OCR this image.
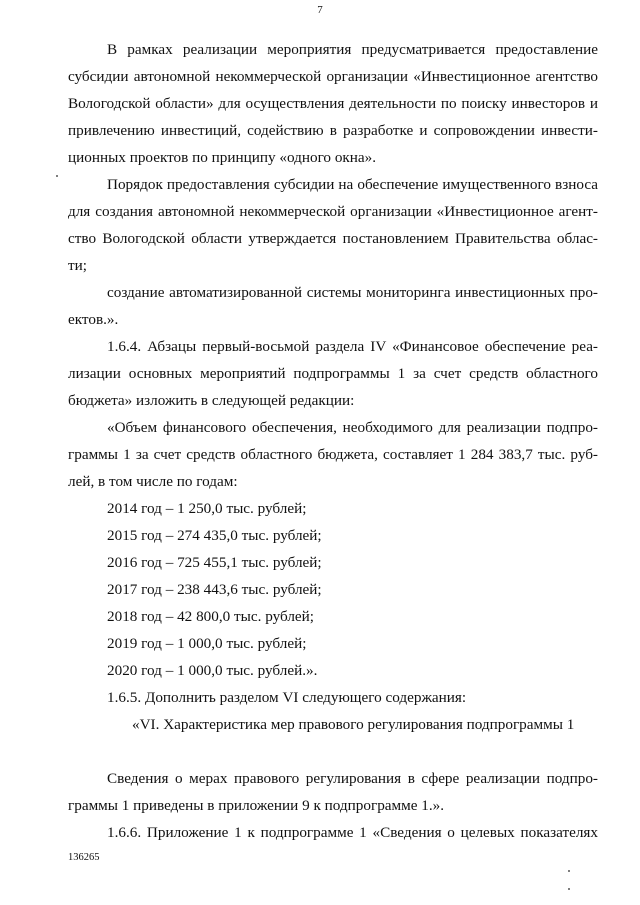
7
В рамках реализации мероприятия предусматривается предоставление
субсидии автономной некоммерческой организации «Инвестиционное агентство
Вологодской области» для осуществления деятельности по поиску инвесторов и
привлечению инвестиций, содействию в разработке и сопровождении инвести-
ционных проектов по принципу «одного окна».
Порядок предоставления субсидии на обеспечение имущественного взноса
для создания автономной некоммерческой организации «Инвестиционное агент-
ство Вологодской области утверждается постановлением Правительства облас-
ти;
создание автоматизированной системы мониторинга инвестиционных про-
ектов.».
1.6.4. Абзацы первый-восьмой раздела IV «Финансовое обеспечение реа-
лизации основных мероприятий подпрограммы 1 за счет средств областного
бюджета» изложить в следующей редакции:
«Объем финансового обеспечения, необходимого для реализации подпро-
граммы 1 за счет средств областного бюджета, составляет 1 284 383,7 тыс. руб-
лей, в том числе по годам:
2014 год – 1 250,0 тыс. рублей;
2015 год – 274 435,0 тыс. рублей;
2016 год – 725 455,1 тыс. рублей;
2017 год – 238 443,6 тыс. рублей;
2018 год – 42 800,0 тыс. рублей;
2019 год – 1 000,0 тыс. рублей;
2020 год – 1 000,0 тыс. рублей.».
1.6.5. Дополнить разделом VI следующего содержания:
«VI. Характеристика мер правового регулирования подпрограммы 1
Сведения о мерах правового регулирования в сфере реализации подпро-
граммы 1 приведены в приложении 9 к подпрограмме 1.».
1.6.6. Приложение 1 к подпрограмме 1 «Сведения о целевых показателях
136265
